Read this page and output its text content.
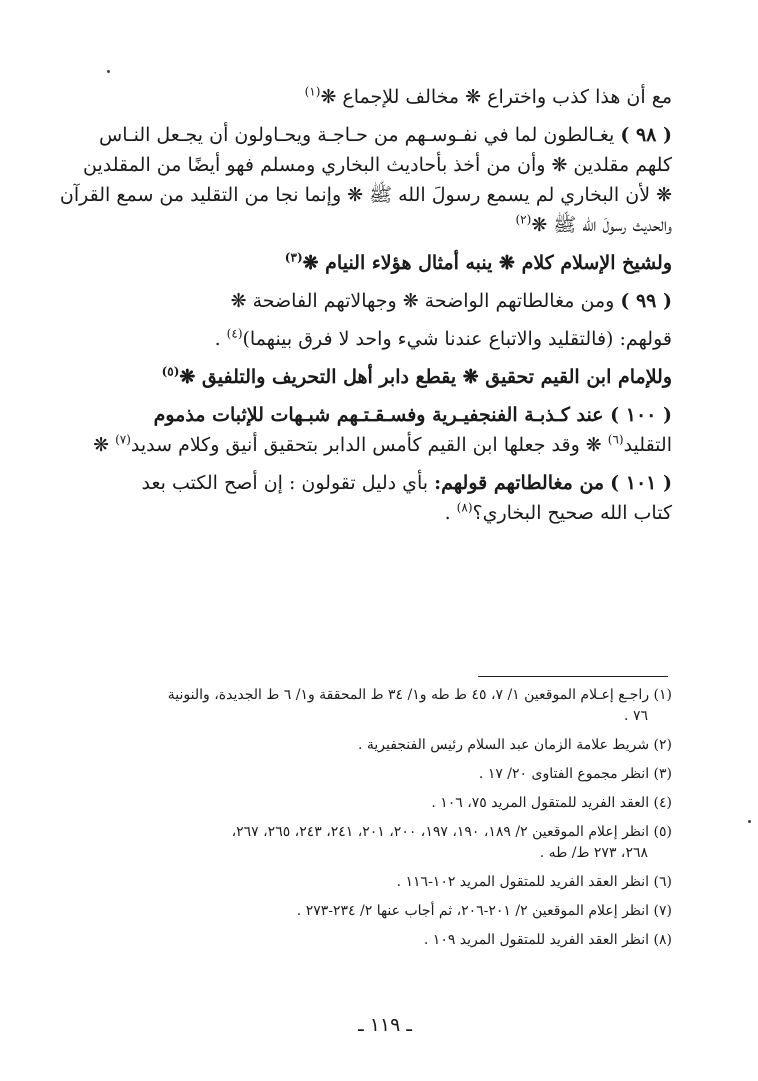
مع أن هذا كذب واختراع ❋ مخالف للإجماع ❋$^{(١)}$
( ٩٨ ) يغـالطون لما في نفـوسـهم من حـاجـة ويحـاولون أن يجـعل النـاس
كلهم مقلدين ❋ وأن من أخذ بأحاديث البخاري ومسلم فهو أيضًا من المقلدين
❋ لأن البخاري لم يسمع رسولَ الله ﷺ ❋ وإنما نجا من التقليد من سمع القرآن
والحديث رسولَ الله ﷺ ❋$^{(٢)}$
ولشيخ الإسلام كلام ❋ ينبه أمثال هؤلاء النيام ❋$^{(٣)}$
( ٩٩ ) ومن مغالطاتهم الواضحة ❋ وجهالاتهم الفاضحة ❋
قولهم: (فالتقليد والاتباع عندنا شيء واحد لا فرق بينهما)$^{(٤)}$ .
وللإمام ابن القيم تحقيق ❋ يقطع دابر أهل التحريف والتلفيق ❋$^{(٥)}$
( ١٠٠ ) عند كـذبـة الفنجفيـرية وفسـقـتـهم شبـهات للإثبات مذموم
التقليد$^{(٦)}$ ❋ وقد جعلها ابن القيم كأمس الدابر بتحقيق أنيق وكلام سديد$^{(٧)}$ ❋
( ١٠١ ) من مغالطاتهم قولهم: بأي دليل تقولون : إن أصح الكتب بعد
كتاب الله صحيح البخاري؟$^{(٨)}$ .
(١) راجـع إعـلام الموقعين ١/ ٧، ٤٥ ط طه و١/ ٣٤ ط المحققة و١/ ٦ ط الجديدة، والنونية
٧٦ .
(٢) شريط علامة الزمان عبد السلام رئيس الفنجفيرية .
(٣) انظر مجموع الفتاوى ٢٠/ ١٧ .
(٤) العقد الفريد للمتقول المريد ٧٥، ١٠٦ .
(٥) انظر إعلام الموقعين ٢/ ١٨٩، ١٩٠، ١٩٧، ٢٠٠، ٢٠١، ٢٤١، ٢٤٣، ٢٦٥، ٢٦٧،
٢٦٨، ٢٧٣ ط/ طه .
(٦) انظر العقد الفريد للمتقول المريد ١٠٢-١١٦ .
(٧) انظر إعلام الموقعين ٢/ ٢٠١-٢٠٦، ثم أجاب عنها ٢/ ٢٣٤-٢٧٣ .
(٨) انظر العقد الفريد للمتقول المريد ١٠٩ .
ـ ١١٩ ـ
